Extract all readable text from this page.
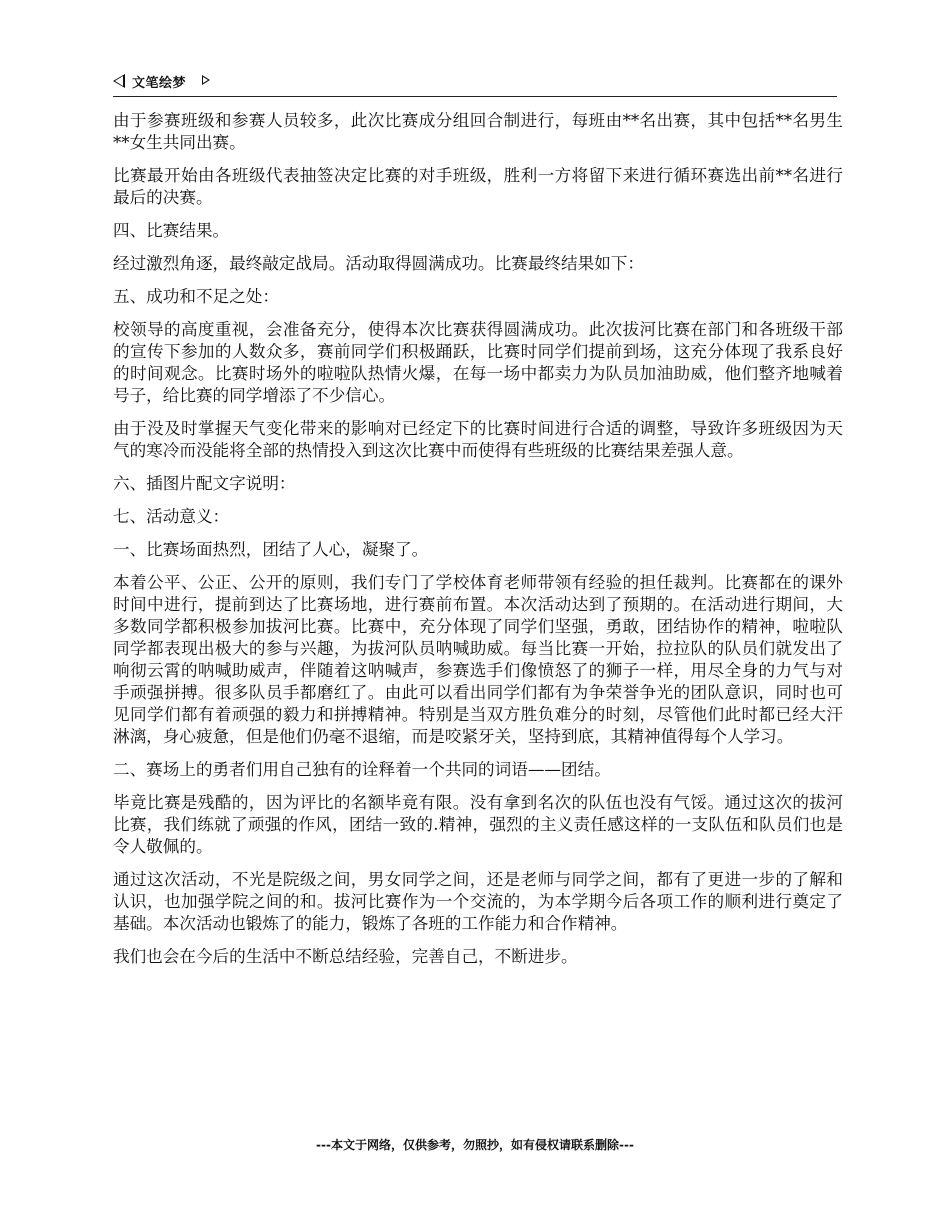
文笔绘梦

由于参赛班级和参赛人员较多，此次比赛成分组回合制进行，每班由**名出赛，其中包括**名男生**女生共同出赛。

比赛最开始由各班级代表抽签决定比赛的对手班级，胜利一方将留下来进行循环赛选出前**名进行最后的决赛。

四、比赛结果。

经过激烈角逐，最终敲定战局。活动取得圆满成功。比赛最终结果如下：

五、成功和不足之处：

校领导的高度重视，会准备充分，使得本次比赛获得圆满成功。此次拔河比赛在部门和各班级干部的宣传下参加的人数众多，赛前同学们积极踊跃，比赛时同学们提前到场，这充分体现了我系良好的时间观念。比赛时场外的啦啦队热情火爆，在每一场中都卖力为队员加油助威，他们整齐地喊着号子，给比赛的同学增添了不少信心。

由于没及时掌握天气变化带来的影响对已经定下的比赛时间进行合适的调整，导致许多班级因为天气的寒冷而没能将全部的热情投入到这次比赛中而使得有些班级的比赛结果差强人意。

六、插图片配文字说明：

七、活动意义：

一、比赛场面热烈，团结了人心，凝聚了。

本着公平、公正、公开的原则，我们专门了学校体育老师带领有经验的担任裁判。比赛都在的课外时间中进行，提前到达了比赛场地，进行赛前布置。本次活动达到了预期的。在活动进行期间，大多数同学都积极参加拔河比赛。比赛中，充分体现了同学们坚强，勇敢，团结协作的精神，啦啦队同学都表现出极大的参与兴趣，为拔河队员呐喊助威。每当比赛一开始，拉拉队的队员们就发出了响彻云霄的呐喊助威声，伴随着这呐喊声，参赛选手们像愤怒了的狮子一样，用尽全身的力气与对手顽强拼搏。很多队员手都磨红了。由此可以看出同学们都有为争荣誉争光的团队意识，同时也可见同学们都有着顽强的毅力和拼搏精神。特别是当双方胜负难分的时刻，尽管他们此时都已经大汗淋漓，身心疲惫，但是他们仍毫不退缩，而是咬紧牙关，坚持到底，其精神值得每个人学习。

二、赛场上的勇者们用自己独有的诠释着一个共同的词语——团结。

毕竟比赛是残酷的，因为评比的名额毕竟有限。没有拿到名次的队伍也没有气馁。通过这次的拔河比赛，我们练就了顽强的作风，团结一致的.精神，强烈的主义责任感这样的一支队伍和队员们也是令人敬佩的。

通过这次活动，不光是院级之间，男女同学之间，还是老师与同学之间，都有了更进一步的了解和认识，也加强学院之间的和。拔河比赛作为一个交流的，为本学期今后各项工作的顺利进行奠定了基础。本次活动也锻炼了的能力，锻炼了各班的工作能力和合作精神。

我们也会在今后的生活中不断总结经验，完善自己，不断进步。

---本文于网络，仅供参考，勿照抄，如有侵权请联系删除---
